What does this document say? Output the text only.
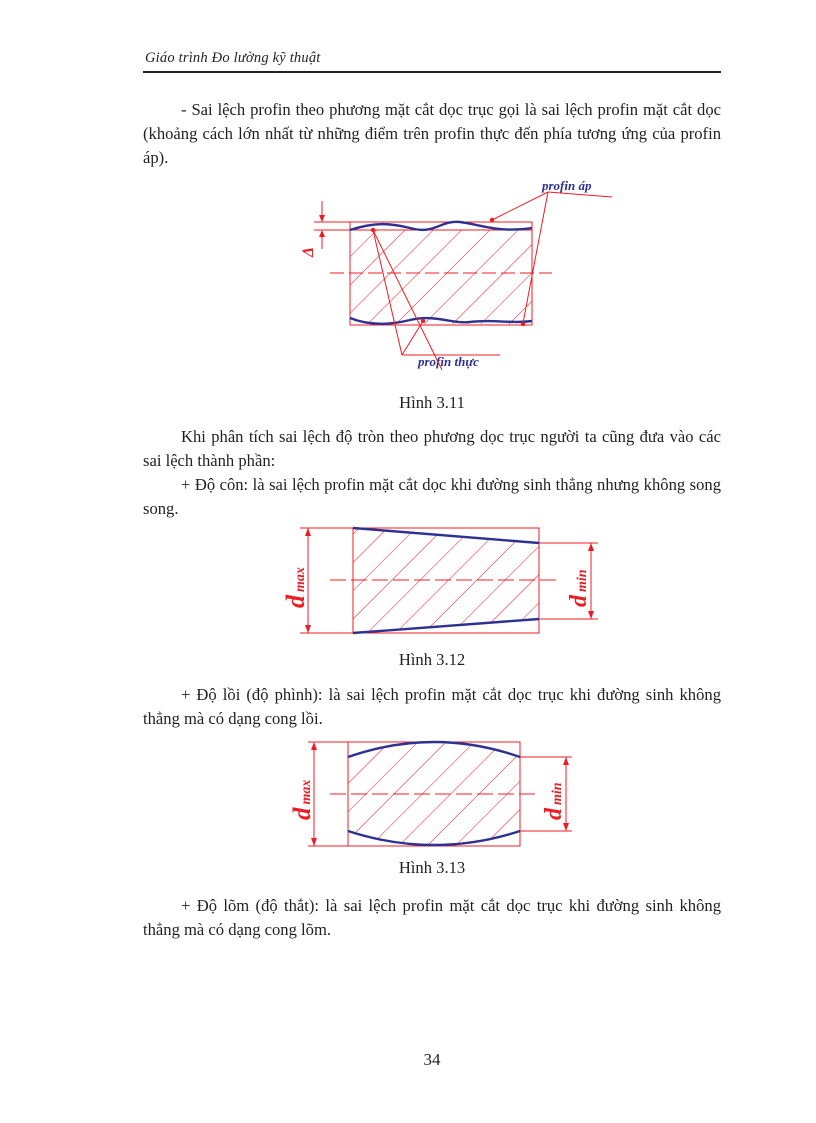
Giáo trình Đo lường kỹ thuật

- Sai lệch profin theo phương mặt cắt dọc trục gọi là sai lệch profin mặt cắt dọc (khoảng cách lớn nhất từ những điểm trên profin thực đến phía tương ứng của profin áp).

Δ
profin áp
profin thực
Hình 3.11

Khi phân tích sai lệch độ tròn theo phương dọc trục người ta cũng đưa vào các sai lệch thành phần:

+ Độ côn: là sai lệch profin mặt cắt dọc khi đường sinh thẳng nhưng không song song.

dmax
dmin
Hình 3.12

+ Độ lồi (độ phình): là sai lệch profin mặt cắt dọc trục khi đường sinh không thẳng mà có dạng cong lồi.

dmax
dmin
Hình 3.13

+ Độ lõm (độ thắt): là sai lệch profin mặt cắt dọc trục khi đường sinh không thẳng mà có dạng cong lõm.

34
